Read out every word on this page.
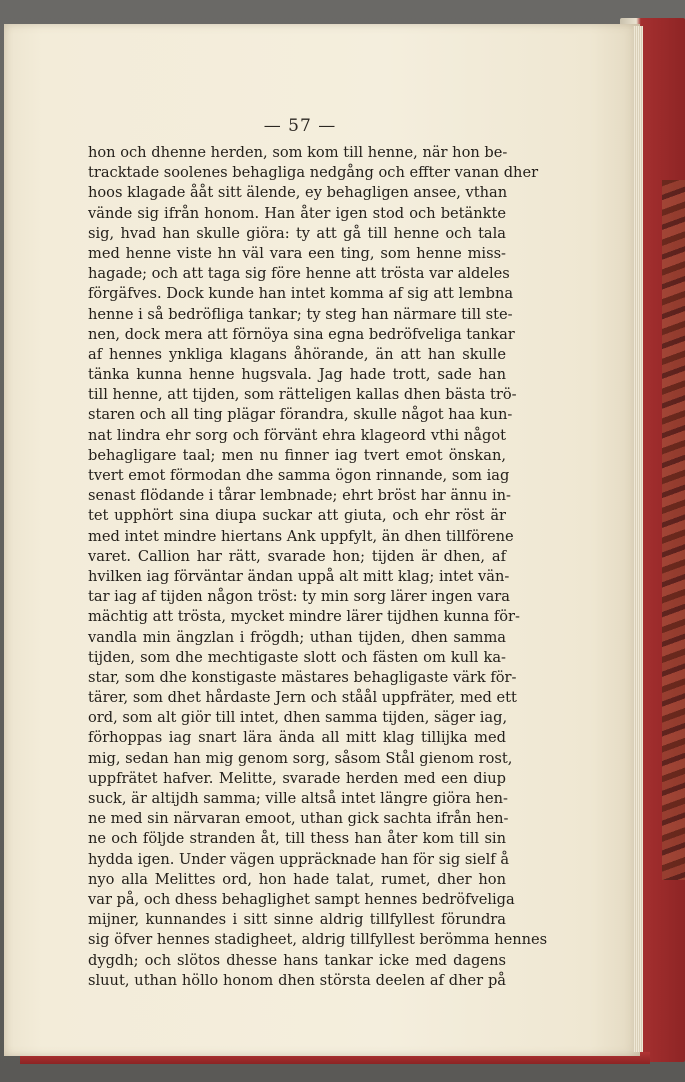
— 57 —
hon och dhenne herden, som kom till henne, när hon be-
tracktade soolenes behagliga nedgång och effter vanan dher
hoos klagade ååt sitt älende, ey behagligen ansee, vthan
vände sig ifrån honom. Han åter igen stod och betänkte
sig, hvad han skulle giöra: ty att gå till henne och tala
med henne viste hn väl vara een ting, som henne miss-
hagade; och att taga sig före henne att trösta var aldeles
förgäfves. Dock kunde han intet komma af sig att lembna
henne i så bedröfliga tankar; ty steg han närmare till ste-
nen, dock mera att förnöya sina egna bedröfveliga tankar
af hennes ynkliga klagans åhörande, än att han skulle
tänka kunna henne hugsvala. Jag hade trott, sade han
till henne, att tijden, som rätteligen kallas dhen bästa trö-
staren och all ting plägar förandra, skulle något haa kun-
nat lindra ehr sorg och förvänt ehra klageord vthi något
behagligare taal; men nu finner iag tvert emot önskan,
tvert emot förmodan dhe samma ögon rinnande, som iag
senast flödande i tårar lembnade; ehrt bröst har ännu in-
tet upphört sina diupa suckar att giuta, och ehr röst är
med intet mindre hiertans Ank uppfylt, än dhen tillförene
varet. Callion har rätt, svarade hon; tijden är dhen, af
hvilken iag förväntar ändan uppå alt mitt klag; intet vän-
tar iag af tijden någon tröst: ty min sorg lärer ingen vara
mächtig att trösta, mycket mindre lärer tijdhen kunna för-
vandla min ängzlan i frögdh; uthan tijden, dhen samma
tijden, som dhe mechtigaste slott och fästen om kull ka-
star, som dhe konstigaste mästares behagligaste värk för-
tärer, som dhet hårdaste Jern och ståål uppfräter, med ett
ord, som alt giör till intet, dhen samma tijden, säger iag,
förhoppas iag snart lära ända all mitt klag tillijka med
mig, sedan han mig genom sorg, såsom Stål gienom rost,
uppfrätet hafver. Melitte, svarade herden med een diup
suck, är altijdh samma; ville altså intet längre giöra hen-
ne med sin närvaran emoot, uthan gick sachta ifrån hen-
ne och följde stranden åt, till thess han åter kom till sin
hydda igen. Under vägen uppräcknade han för sig sielf å
nyo alla Melittes ord, hon hade talat, rumet, dher hon
var på, och dhess behaglighet sampt hennes bedröfveliga
mijner, kunnandes i sitt sinne aldrig tillfyllest förundra
sig öfver hennes stadigheet, aldrig tillfyllest berömma hennes
dygdh; och slötos dhesse hans tankar icke med dagens
sluut, uthan höllo honom dhen största deelen af dher på
